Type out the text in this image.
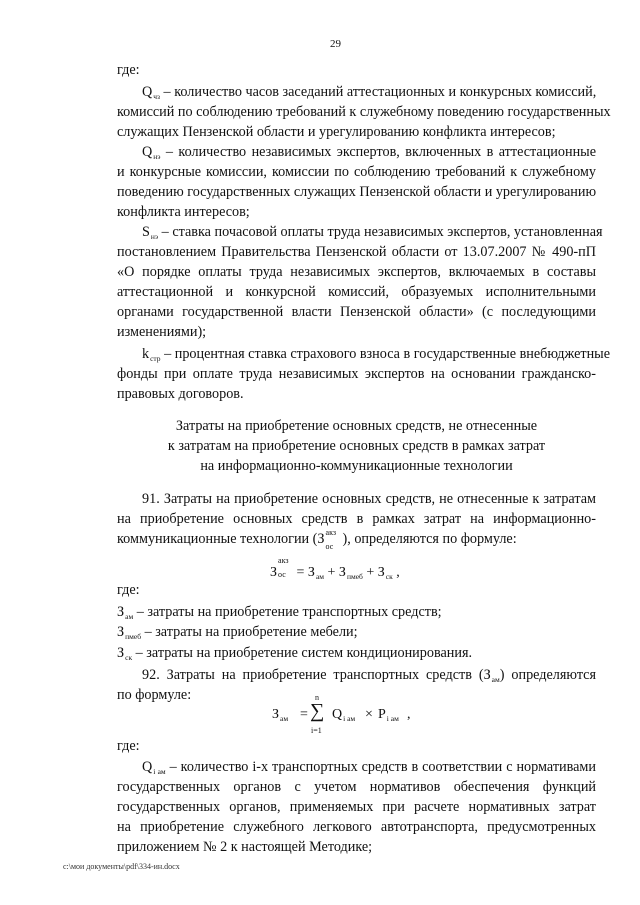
29
где:
$Q_{чз}$ – количество часов заседаний аттестационных и конкурсных комиссий,
комиссий по соблюдению требований к служебному поведению государственных
служащих Пензенской области и урегулированию конфликта интересов;
$Q_{нэ}$ – количество независимых экспертов, включенных в аттестационные
и конкурсные комиссии, комиссии по соблюдению требований к служебному
поведению государственных служащих Пензенской области и урегулированию
конфликта интересов;
$S_{нэ}$ – ставка почасовой оплаты труда независимых экспертов, установленная
постановлением Правительства Пензенской области от 13.07.2007 № 490-пП
«О порядке оплаты труда независимых экспертов, включаемых в составы
аттестационной и конкурсной комиссий, образуемых исполнительными
органами государственной власти Пензенской области» (с последующими
изменениями);
$k_{стр}$ – процентная ставка страхового взноса в государственные внебюджетные
фонды при оплате труда независимых экспертов на основании гражданско-
правовых договоров.
Затраты на приобретение основных средств, не отнесенные
к затратам на приобретение основных средств в рамках затрат
на информационно-коммуникационные технологии
91. Затраты на приобретение основных средств, не отнесенные к затратам
на приобретение основных средств в рамках затрат на информационно-
коммуникационные технологии (З акз
ос ), определяются по формуле:
З
акз
ос = $З_{ам} + З_{пмеб} + З_{ск}$ ,
где:
$З_{ам}$ – затраты на приобретение транспортных средств;
$З_{пмеб}$ – затраты на приобретение мебели;
$З_{ск}$ – затраты на приобретение систем кондиционирования.
92. Затраты на приобретение транспортных средств $(З_{ам})$ определяются
по формуле:
$З_{ам}$ =
n
∑
i=1
$Q_{i ам} \times P_{i ам}$ ,
где:
$Q_{i ам}$ – количество i-х транспортных средств в соответствии с нормативами
государственных органов с учетом нормативов обеспечения функций
государственных органов, применяемых при расчете нормативных затрат
на приобретение служебного легкового автотранспорта, предусмотренных
приложением № 2 к настоящей Методике;
c:\мои документы\pdf\334-ин.docx
